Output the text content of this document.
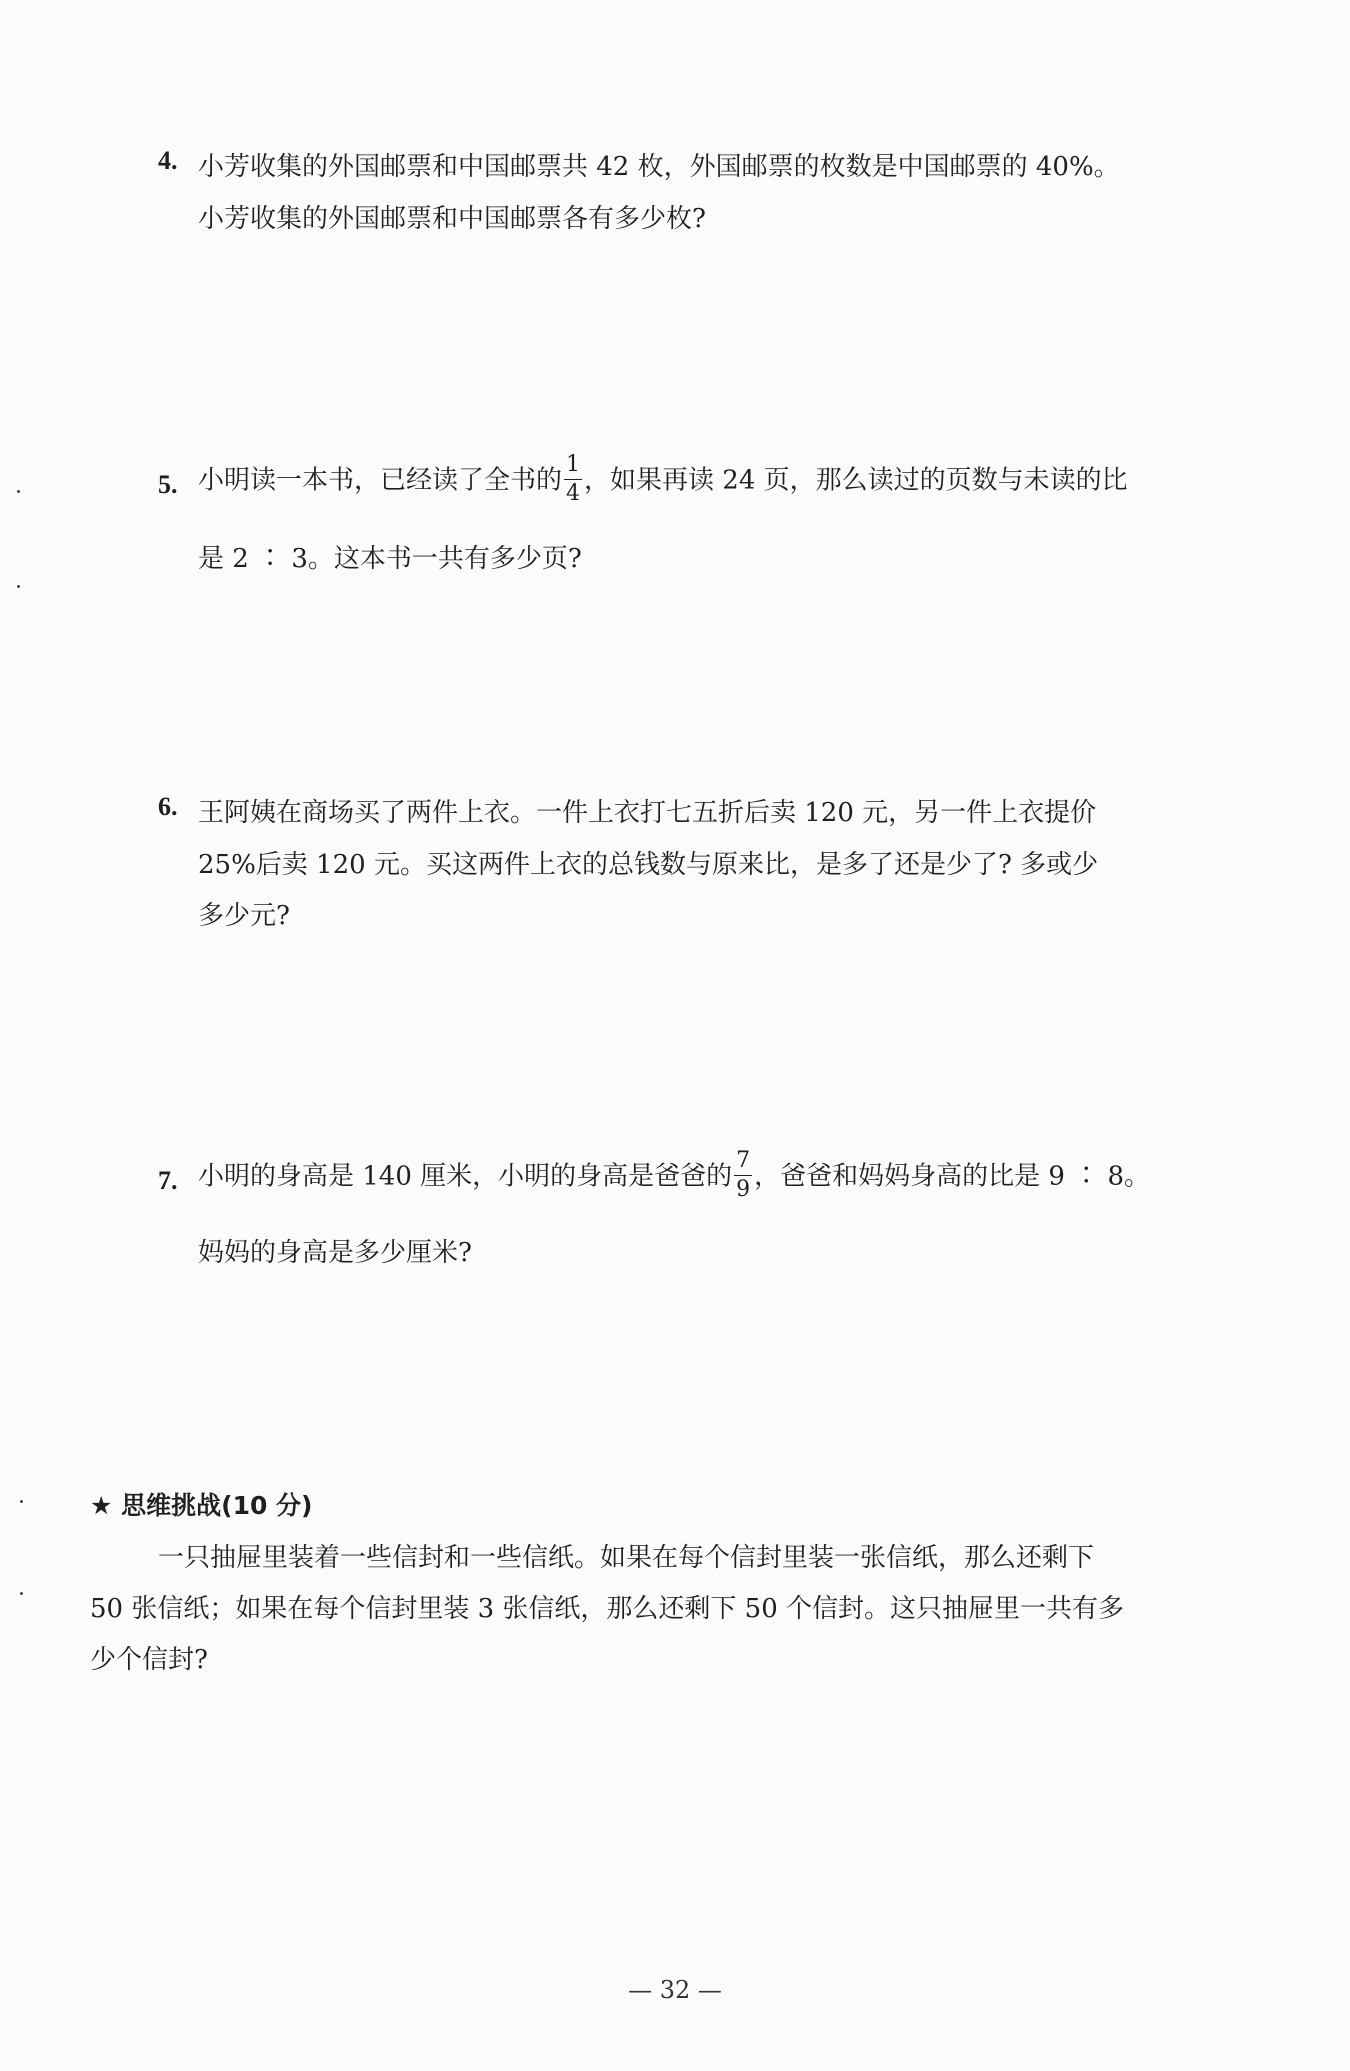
4. 小芳收集的外国邮票和中国邮票共 42 枚，外国邮票的枚数是中国邮票的 40%。
小芳收集的外国邮票和中国邮票各有多少枚?
5. 小明读一本书，已经读了全书的 $\frac{1}{4}$ ，如果再读 24 页，那么读过的页数与未读的比
是 2 ∶ 3。这本书一共有多少页?
6. 王阿姨在商场买了两件上衣。一件上衣打七五折后卖 120 元，另一件上衣提价
25%后卖 120 元。买这两件上衣的总钱数与原来比，是多了还是少了? 多或少
多少元?
7. 小明的身高是 140 厘米，小明的身高是爸爸的 $\frac{7}{9}$ ，爸爸和妈妈身高的比是 9 ∶ 8。
妈妈的身高是多少厘米?
★ 思维挑战(10 分)
一只抽屉里装着一些信封和一些信纸。如果在每个信封里装一张信纸，那么还剩下
50 张信纸；如果在每个信封里装 3 张信纸，那么还剩下 50 个信封。这只抽屉里一共有多
少个信封?
— 32 —
